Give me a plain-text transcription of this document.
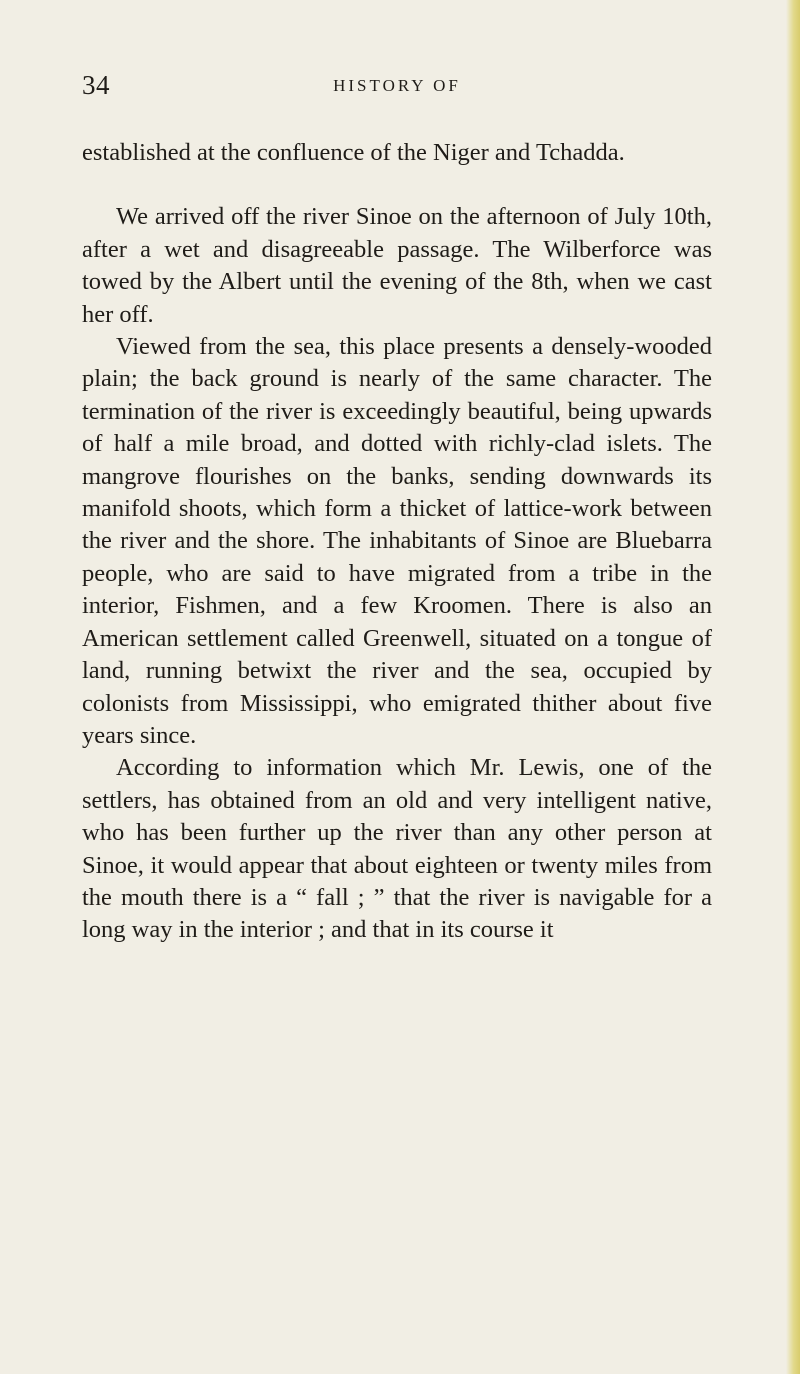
34	HISTORY OF

established at the confluence of the Niger and Tchadda.

We arrived off the river Sinoe on the afternoon of July 10th, after a wet and disagreeable passage. The Wilberforce was towed by the Albert until the evening of the 8th, when we cast her off.

Viewed from the sea, this place presents a densely-wooded plain; the back ground is nearly of the same character. The termination of the river is exceedingly beautiful, being upwards of half a mile broad, and dotted with richly-clad islets. The mangrove flourishes on the banks, sending downwards its manifold shoots, which form a thicket of lattice-work between the river and the shore. The inhabitants of Sinoe are Bluebarra people, who are said to have migrated from a tribe in the interior, Fishmen, and a few Kroomen. There is also an American settlement called Greenwell, situated on a tongue of land, running betwixt the river and the sea, occupied by colonists from Mississippi, who emigrated thither about five years since.

According to information which Mr. Lewis, one of the settlers, has obtained from an old and very intelligent native, who has been further up the river than any other person at Sinoe, it would appear that about eighteen or twenty miles from the mouth there is a “ fall ; ” that the river is navigable for a long way in the interior ; and that in its course it
